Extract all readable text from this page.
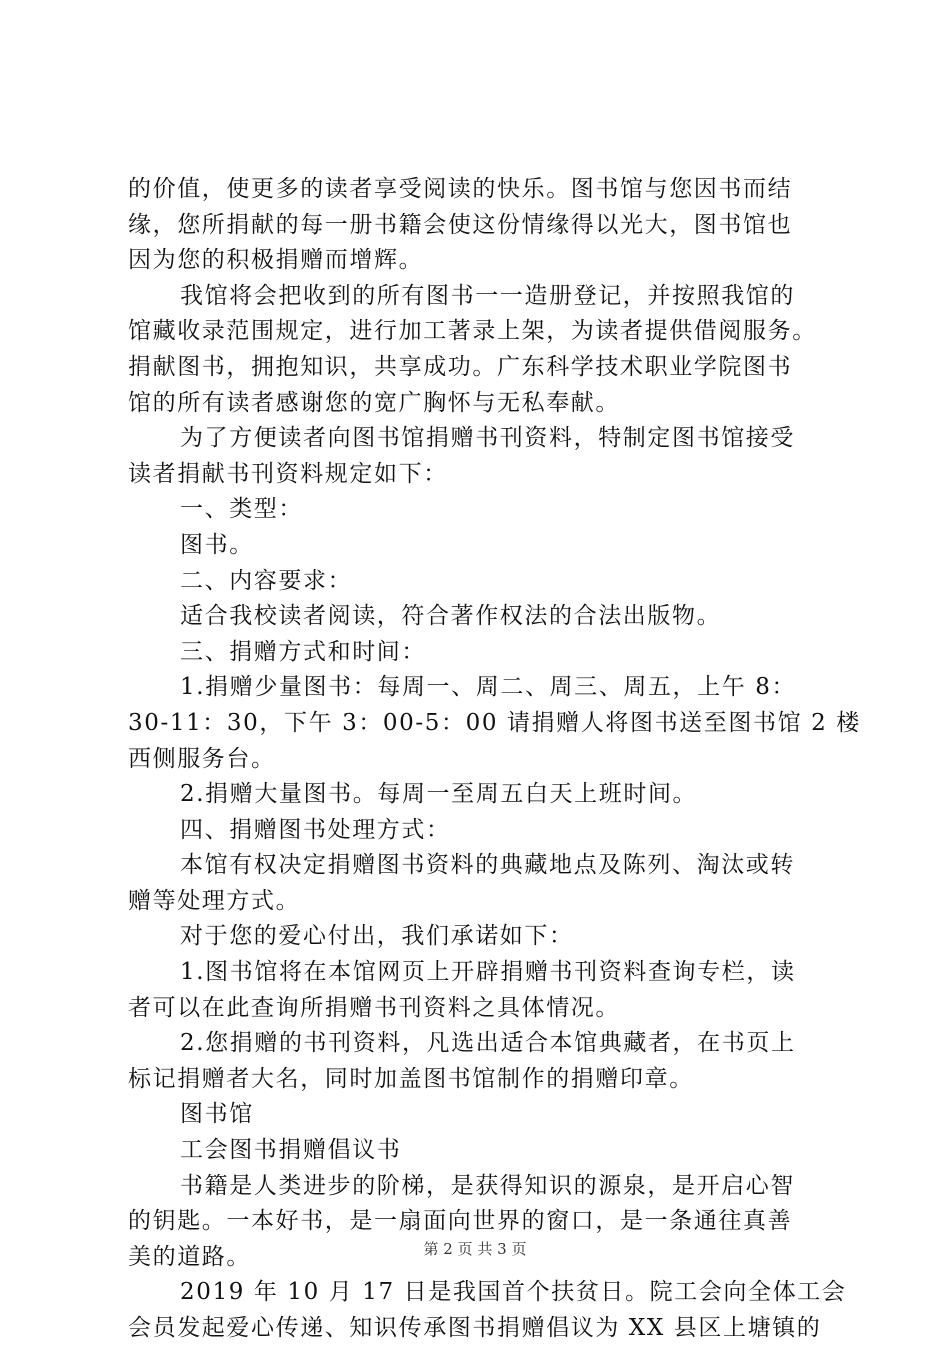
的价值，使更多的读者享受阅读的快乐。图书馆与您因书而结
缘，您所捐献的每一册书籍会使这份情缘得以光大，图书馆也
因为您的积极捐赠而增辉。
我馆将会把收到的所有图书一一造册登记，并按照我馆的
馆藏收录范围规定，进行加工著录上架，为读者提供借阅服务。
捐献图书，拥抱知识，共享成功。广东科学技术职业学院图书
馆的所有读者感谢您的宽广胸怀与无私奉献。
为了方便读者向图书馆捐赠书刊资料，特制定图书馆接受
读者捐献书刊资料规定如下：
一、类型：
图书。
二、内容要求：
适合我校读者阅读，符合著作权法的合法出版物。
三、捐赠方式和时间：
1.捐赠少量图书：每周一、周二、周三、周五，上午 8：
30-11：30，下午 3：00-5：00 请捐赠人将图书送至图书馆 2 楼
西侧服务台。
2.捐赠大量图书。每周一至周五白天上班时间。
四、捐赠图书处理方式：
本馆有权决定捐赠图书资料的典藏地点及陈列、淘汰或转
赠等处理方式。
对于您的爱心付出，我们承诺如下：
1.图书馆将在本馆网页上开辟捐赠书刊资料查询专栏，读
者可以在此查询所捐赠书刊资料之具体情况。
2.您捐赠的书刊资料，凡选出适合本馆典藏者，在书页上
标记捐赠者大名，同时加盖图书馆制作的捐赠印章。
图书馆
工会图书捐赠倡议书
书籍是人类进步的阶梯，是获得知识的源泉，是开启心智
的钥匙。一本好书，是一扇面向世界的窗口，是一条通往真善
美的道路。
2019 年 10 月 17 日是我国首个扶贫日。院工会向全体工会
会员发起爱心传递、知识传承图书捐赠倡议为 XX 县区上塘镇的
第 2 页 共 3 页
